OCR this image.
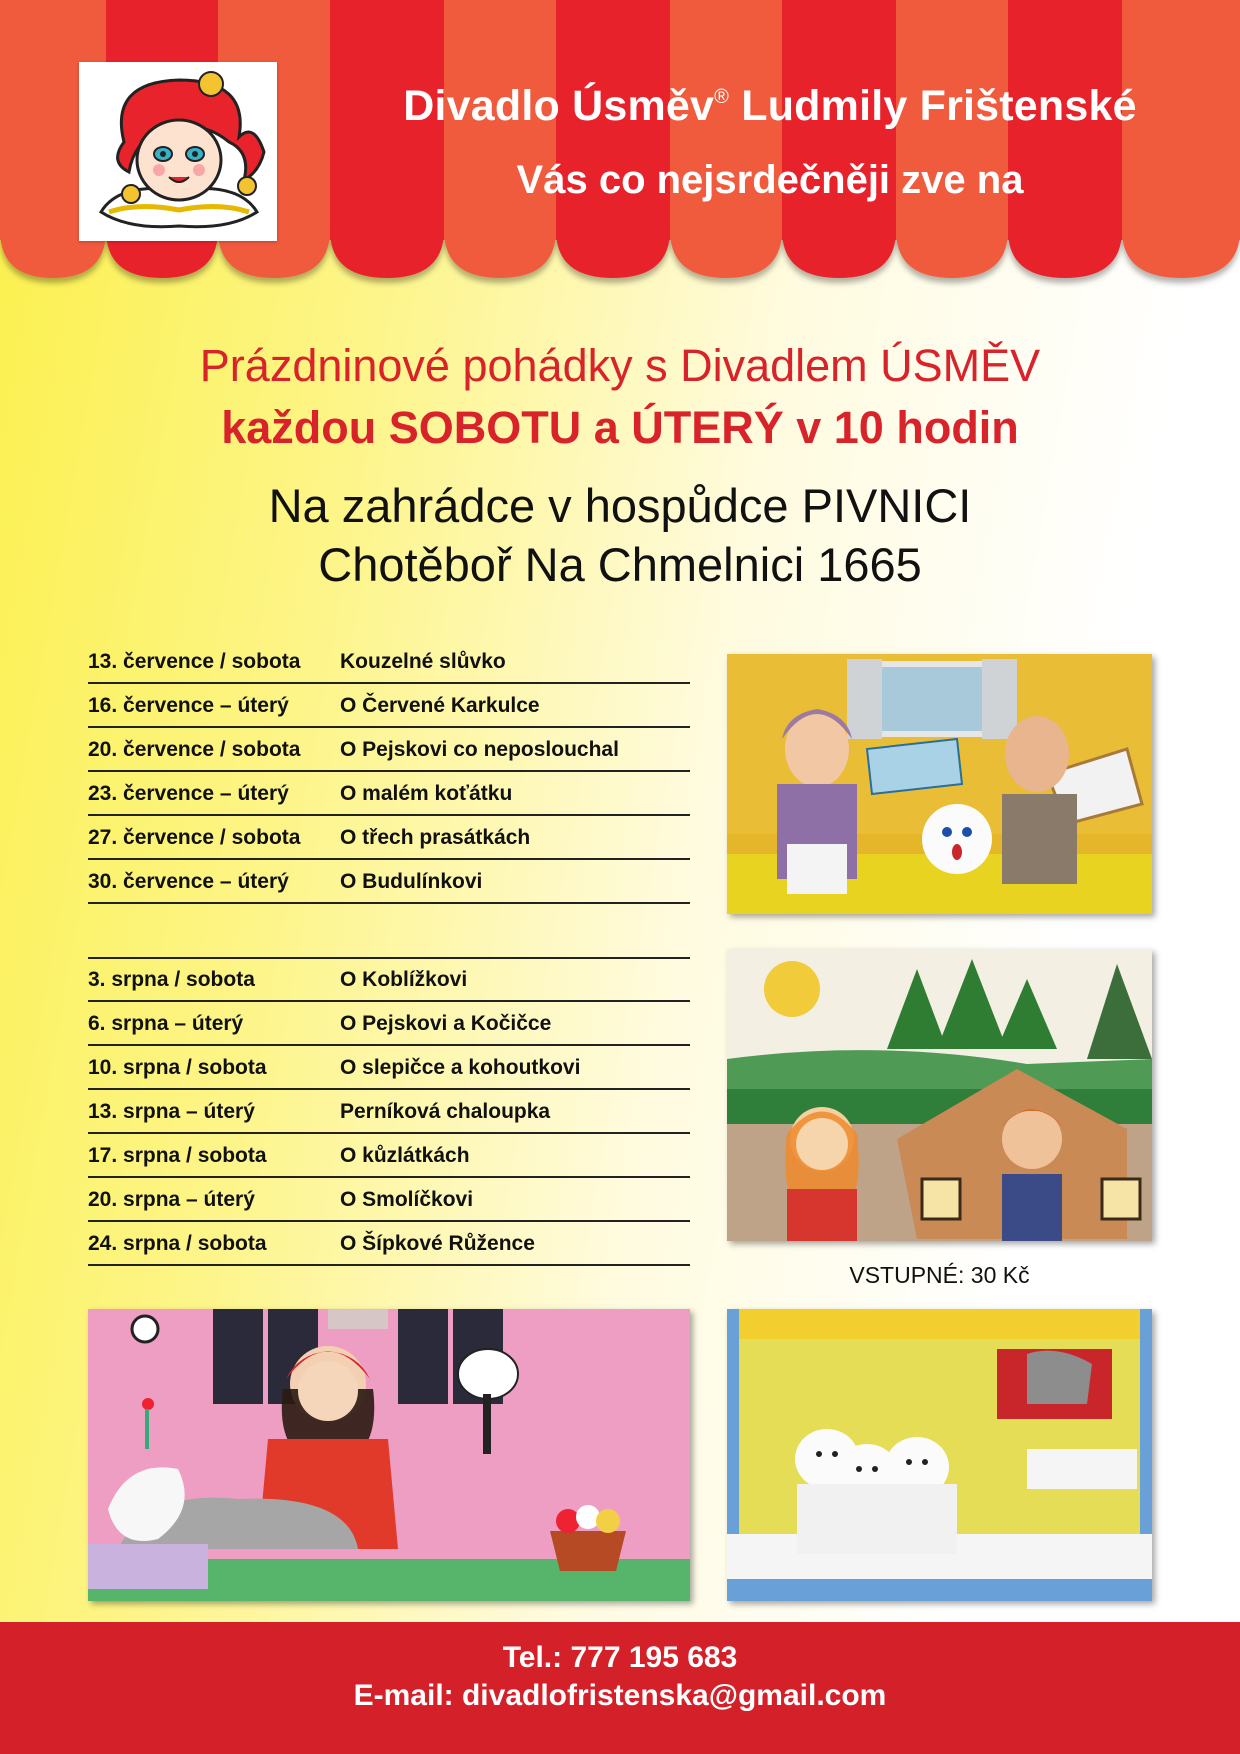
Divadlo Úsměv® Ludmily Frištenské
Vás co nejsrdečněji zve na
Prázdninové pohádky s Divadlem ÚSMĚV
každou SOBOTU a ÚTERÝ v 10 hodin
Na zahrádce v hospůdce PIVNICI
Chotěboř Na Chmelnici 1665
13. července / sobota	Kouzelné slůvko
16. července – úterý	O Červené Karkulce
20. července / sobota	O Pejskovi co neposlouchal
23. července – úterý	O malém koťátku
27. července / sobota	O třech prasátkách
30. července – úterý	O Budulínkovi
3. srpna / sobota	O Koblížkovi
6. srpna – úterý	O Pejskovi a Kočičce
10. srpna / sobota	O slepičce a kohoutkovi
13. srpna – úterý	Perníková chaloupka
17. srpna / sobota	O kůzlátkách
20. srpna – úterý	O Smolíčkovi
24. srpna / sobota	O Šípkové Růžence
VSTUPNÉ: 30 Kč
Tel.: 777 195 683
E-mail: divadlofristenska@gmail.com
